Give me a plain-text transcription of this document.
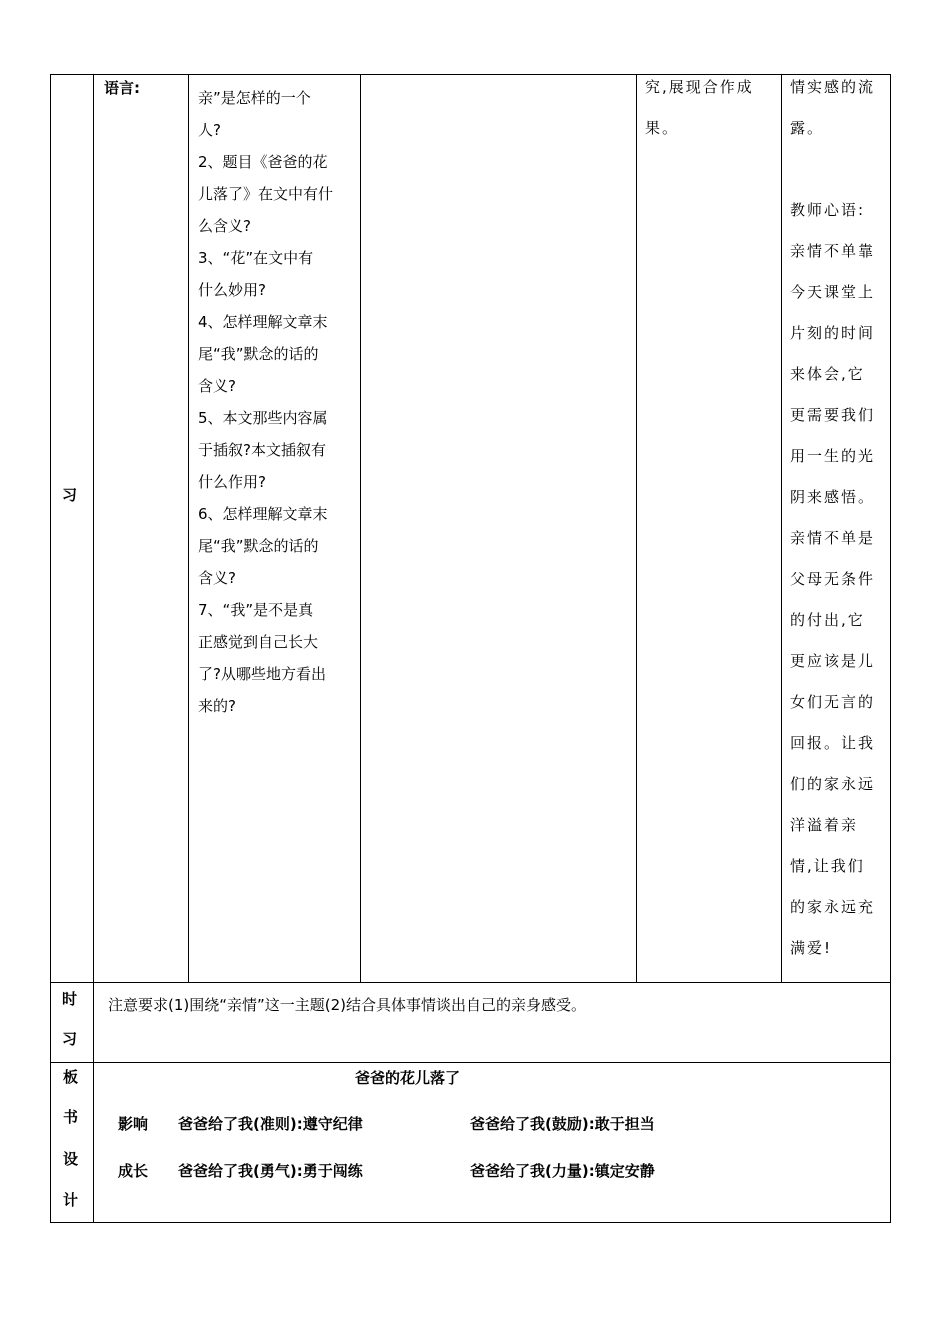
习
语言:
亲”是怎样的一个
人?
2、题目《爸爸的花
儿落了》在文中有什
么含义?
3、“花”在文中有
什么妙用?
4、怎样理解文章末
尾“我”默念的话的
含义?
5、本文那些内容属
于插叙?本文插叙有
什么作用?
6、怎样理解文章末
尾“我”默念的话的
含义?
7、“我”是不是真
正感觉到自己长大
了?从哪些地方看出
来的?
究,展现合作成
果。
情实感的流
露。
教师心语:
亲情不单靠
今天课堂上
片刻的时间
来体会,它
更需要我们
用一生的光
阴来感悟。
亲情不单是
父母无条件
的付出,它
更应该是儿
女们无言的
回报。让我
们的家永远
洋溢着亲
情,让我们
的家永远充
满爱!
时
习
注意要求(1)围绕“亲情”这一主题(2)结合具体事情谈出自己的亲身感受。
板
书
设
计
爸爸的花儿落了
影响 爸爸给了我(准则):遵守纪律	爸爸给了我(鼓励):敢于担当
成长 爸爸给了我(勇气):勇于闯练	爸爸给了我(力量):镇定安静
